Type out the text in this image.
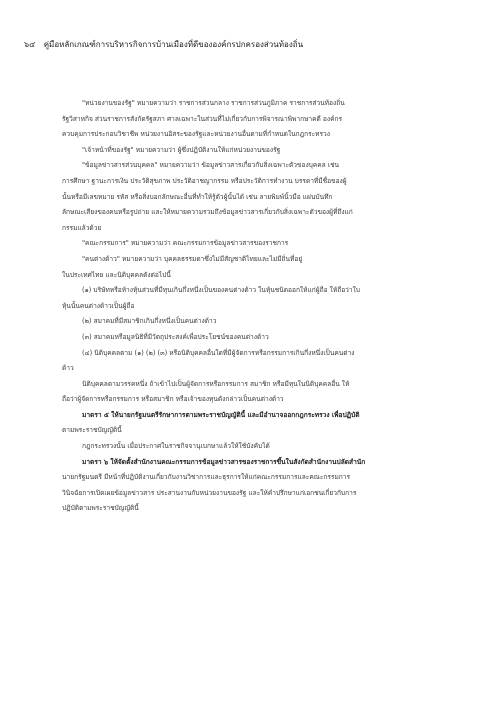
๖๔ คู่มือหลักเกณฑ์การบริหารกิจการบ้านเมืองที่ดีขององค์กรปกครองส่วนท้องถิ่น
"หน่วยงานของรัฐ" หมายความว่า ราชการส่วนกลาง ราชการส่วนภูมิภาค ราชการส่วนท้องถิ่น
รัฐวิสาหกิจ ส่วนราชการสังกัดรัฐสภา ศาลเฉพาะในส่วนที่ไม่เกี่ยวกับการพิจารณาพิพากษาคดี องค์กร
ควบคุมการประกอบวิชาชีพ หน่วยงานอิสระของรัฐและหน่วยงานอื่นตามที่กำหนดในกฎกระทรวง
"เจ้าหน้าที่ของรัฐ" หมายความว่า ผู้ซึ่งปฏิบัติงานให้แก่หน่วยงานของรัฐ
"ข้อมูลข่าวสารส่วนบุคคล" หมายความว่า ข้อมูลข่าวสารเกี่ยวกับสิ่งเฉพาะตัวของบุคคล เช่น
การศึกษา ฐานะการเงิน ประวัติสุขภาพ ประวัติอาชญากรรม หรือประวัติการทำงาน บรรดาที่มีชื่อของผู้
นั้นหรือมีเลขหมาย รหัส หรือสิ่งบอกลักษณะอื่นที่ทำให้รู้ตัวผู้นั้นได้ เช่น ลายพิมพ์นิ้วมือ แผ่นบันทึก
ลักษณะเสียงของคนหรือรูปถ่าย และให้หมายความรวมถึงข้อมูลข่าวสารเกี่ยวกับสิ่งเฉพาะตัวของผู้ที่ถึงแก่
กรรมแล้วด้วย
"คณะกรรมการ" หมายความว่า คณะกรรมการข้อมูลข่าวสารของราชการ
"คนต่างด้าว" หมายความว่า บุคคลธรรมดาซึ่งไม่มีสัญชาติไทยและไม่มีถิ่นที่อยู่
ในประเทศไทย และนิติบุคคลดังต่อไปนี้
(๑) บริษัทหรือห้างหุ้นส่วนที่มีทุนเกินกึ่งหนึ่งเป็นของคนต่างด้าว ในหุ้นชนิดออกให้แก่ผู้ถือ ให้ถือว่าใบ
หุ้นนั้นคนต่างด้าวเป็นผู้ถือ
(๒) สมาคมที่มีสมาชิกเกินกึ่งหนึ่งเป็นคนต่างด้าว
(๓) สมาคมหรือมูลนิธิที่มีวัตถุประสงค์เพื่อประโยชน์ของคนต่างด้าว
(๔) นิติบุคคลตาม (๑) (๒) (๓) หรือนิติบุคคลอื่นใดที่มีผู้จัดการหรือกรรมการเกินกึ่งหนึ่งเป็นคนต่าง
ด้าว
นิติบุคคลตามวรรคหนึ่ง ถ้าเข้าไปเป็นผู้จัดการหรือกรรมการ สมาชิก หรือมีทุนในนิติบุคคลอื่น ให้
ถือว่าผู้จัดการหรือกรรมการ หรือสมาชิก หรือเจ้าของทุนดังกล่าวเป็นคนต่างด้าว
มาตรา ๕ ให้นายกรัฐมนตรีรักษาการตามพระราชบัญญัตินี้ และมีอำนาจออกกฎกระทรวง เพื่อปฏิบัติ
ตามพระราชบัญญัตินี้
กฎกระทรวงนั้น เมื่อประกาศในราชกิจจานุเบกษาแล้วให้ใช้บังคับได้
มาตรา ๖ ให้จัดตั้งสำนักงานคณะกรรมการข้อมูลข่าวสารของราชการขึ้นในสังกัดสำนักงานปลัดสำนัก
นายกรัฐมนตรี มีหน้าที่ปฏิบัติงานเกี่ยวกับงานวิชาการและธุรการให้แก่คณะกรรมการและคณะกรรมการ
วินิจฉัยการเปิดเผยข้อมูลข่าวสาร ประสานงานกับหน่วยงานของรัฐ และให้คำปรึกษาแก่เอกชนเกี่ยวกับการ
ปฏิบัติตามพระราชบัญญัตินี้
